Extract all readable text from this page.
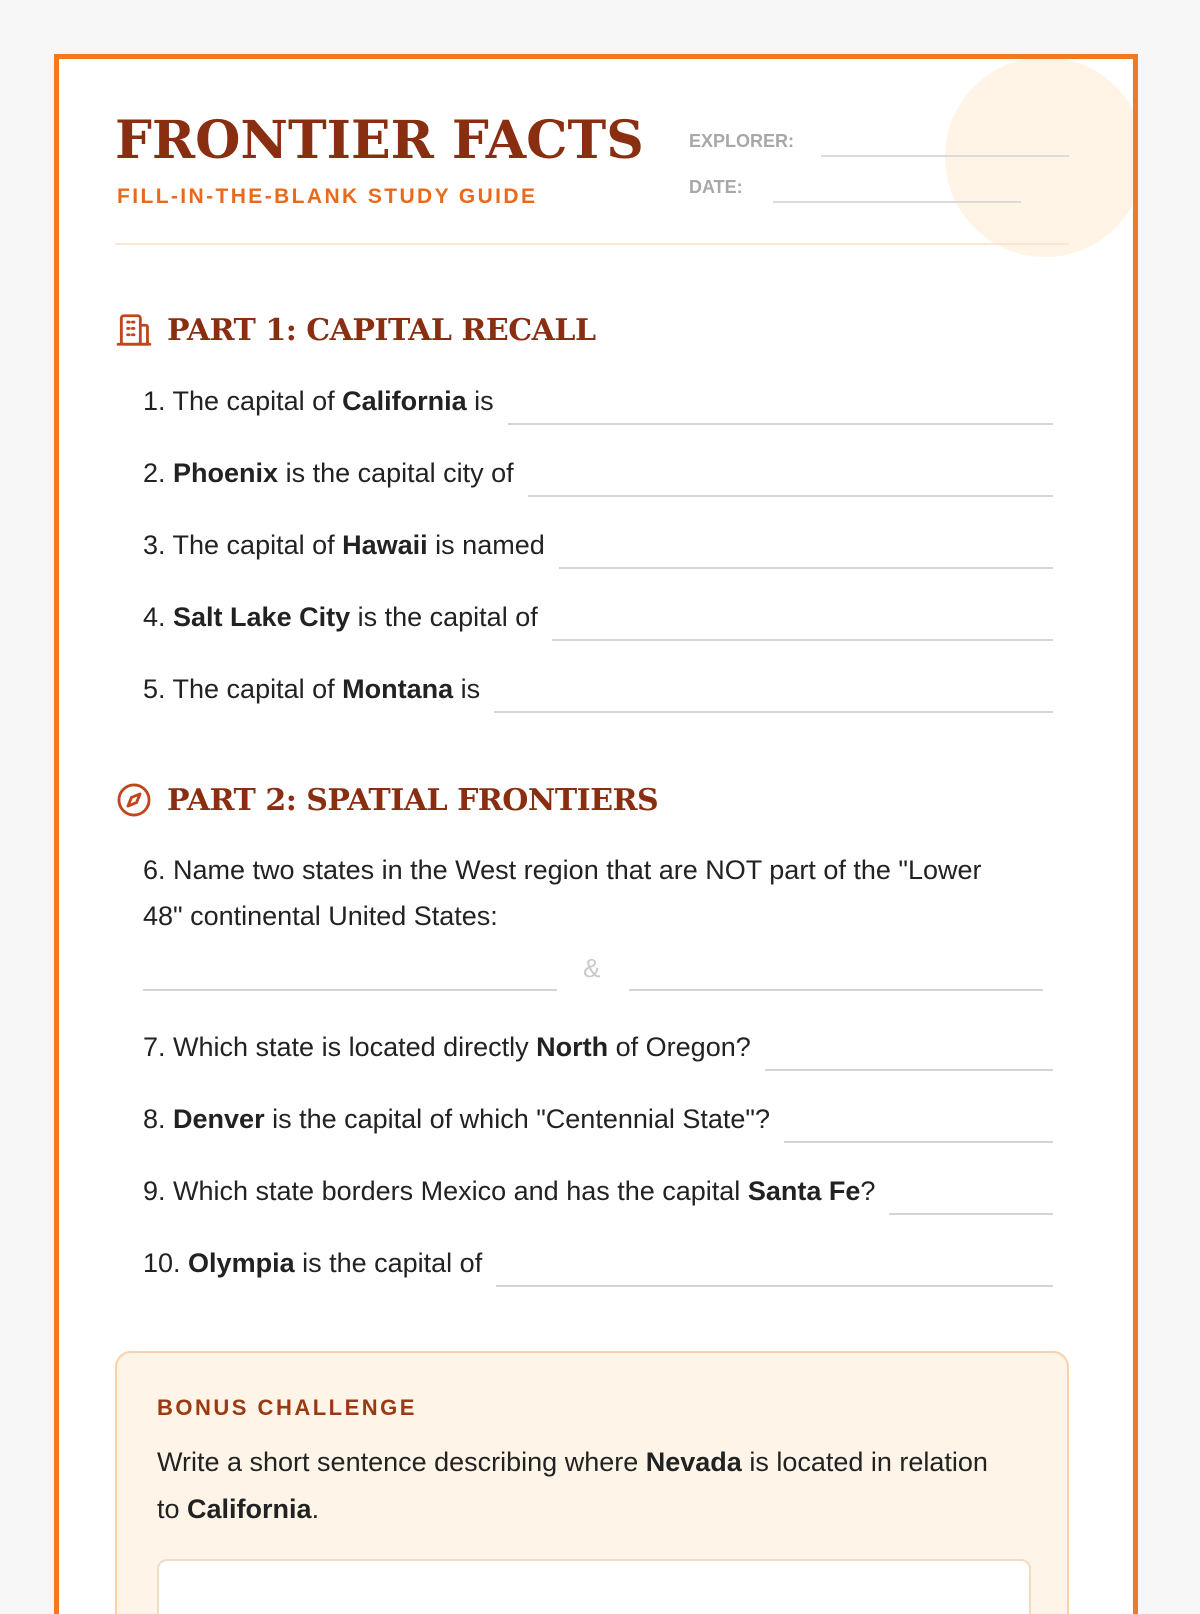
FRONTIER FACTS
FILL-IN-THE-BLANK STUDY GUIDE
EXPLORER:
DATE:
PART 1: CAPITAL RECALL
1. The capital of California is
2. Phoenix is the capital city of
3. The capital of Hawaii is named
4. Salt Lake City is the capital of
5. The capital of Montana is
PART 2: SPATIAL FRONTIERS
6. Name two states in the West region that are NOT part of the "Lower 48" continental United States:
&
7. Which state is located directly North of Oregon?
8. Denver is the capital of which "Centennial State"?
9. Which state borders Mexico and has the capital Santa Fe?
10. Olympia is the capital of
BONUS CHALLENGE
Write a short sentence describing where Nevada is located in relation to California.
